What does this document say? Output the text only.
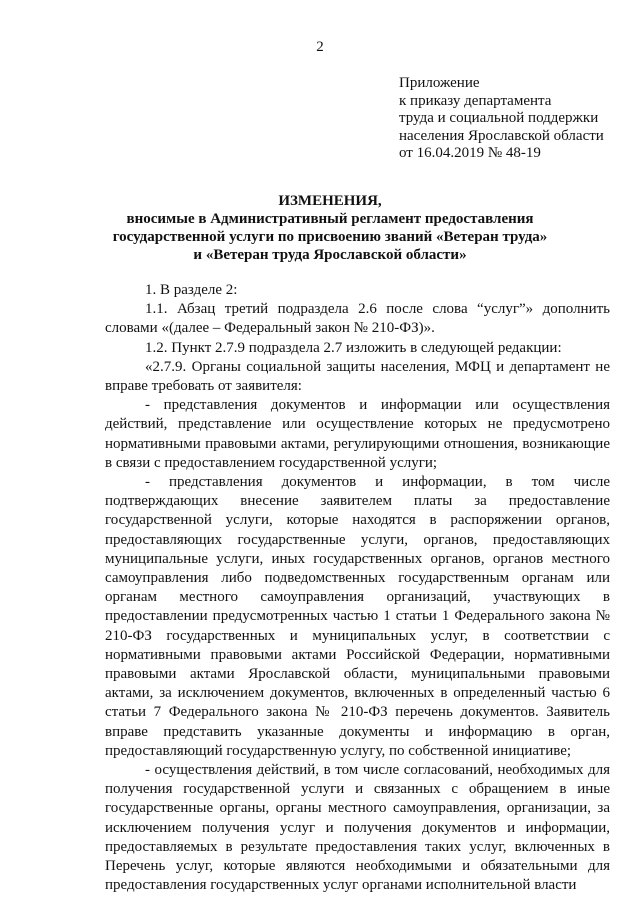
2
Приложение
к приказу департамента
труда и социальной поддержки
населения Ярославской области
от 16.04.2019 № 48-19
ИЗМЕНЕНИЯ,
вносимые в Административный регламент предоставления
государственной услуги по присвоению званий «Ветеран труда»
и «Ветеран труда Ярославской области»

1. В разделе 2:

1.1. Абзац третий подраздела 2.6 после слова “услуг”» дополнить словами «(далее – Федеральный закон № 210-ФЗ)».

1.2. Пункт 2.7.9 подраздела 2.7 изложить в следующей редакции:

«2.7.9. Органы социальной защиты населения, МФЦ и департамент не вправе требовать от заявителя:

- представления документов и информации или осуществления действий, представление или осуществление которых не предусмотрено нормативными правовыми актами, регулирующими отношения, возникающие в связи с предоставлением государственной услуги;

- представления документов и информации, в том числе подтверждающих внесение заявителем платы за предоставление государственной услуги, которые находятся в распоряжении органов, предоставляющих государственные услуги, органов, предоставляющих муниципальные услуги, иных государственных органов, органов местного самоуправления либо подведомственных государственным органам или органам местного самоуправления организаций, участвующих в предоставлении предусмотренных частью 1 статьи 1 Федерального закона № 210-ФЗ государственных и муниципальных услуг, в соответствии с нормативными правовыми актами Российской Федерации, нормативными правовыми актами Ярославской области, муниципальными правовыми актами, за исключением документов, включенных в определенный частью 6 статьи 7 Федерального закона № 210-ФЗ перечень документов. Заявитель вправе представить указанные документы и информацию в орган, предоставляющий государственную услугу, по собственной инициативе;

- осуществления действий, в том числе согласований, необходимых для получения государственной услуги и связанных с обращением в иные государственные органы, органы местного самоуправления, организации, за исключением получения услуг и получения документов и информации, предоставляемых в результате предоставления таких услуг, включенных в Перечень услуг, которые являются необходимыми и обязательными для предоставления государственных услуг органами исполнительной власти
